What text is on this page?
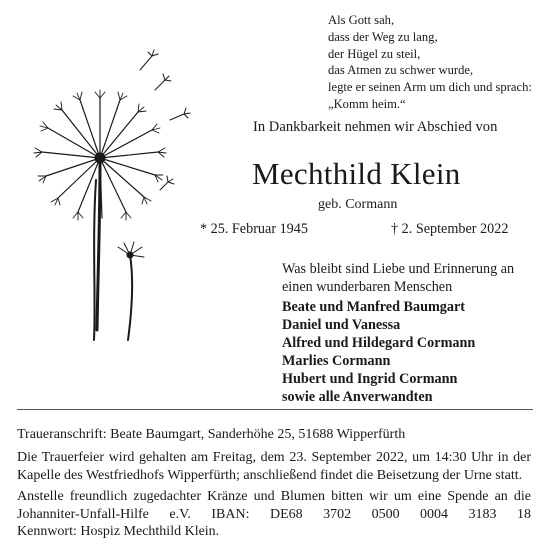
Als Gott sah,
dass der Weg zu lang,
der Hügel zu steil,
das Atmen zu schwer wurde,
legte er seinen Arm um dich und sprach:
„Komm heim.“
In Dankbarkeit nehmen wir Abschied von
Mechthild Klein
geb. Cormann
* 25. Februar 1945	† 2. September 2022
Was bleibt sind Liebe und Erinnerung an
einen wunderbaren Menschen
Beate und Manfred Baumgart
Daniel und Vanessa
Alfred und Hildegard Cormann
Marlies Cormann
Hubert und Ingrid Cormann
sowie alle Anverwandten
Traueranschrift: Beate Baumgart, Sanderhöhe 25, 51688 Wipperfürth
Die Trauerfeier wird gehalten am Freitag, dem 23. September 2022, um 14:30 Uhr in der
Kapelle des Westfriedhofs Wipperfürth; anschließend findet die Beisetzung der Urne statt.
Anstelle freundlich zugedachter Kränze und Blumen bitten wir um eine Spende an die
Johanniter-Unfall-Hilfe e.V. IBAN: DE68 3702 0500 0004 3183 18
Kennwort: Hospiz Mechthild Klein.
